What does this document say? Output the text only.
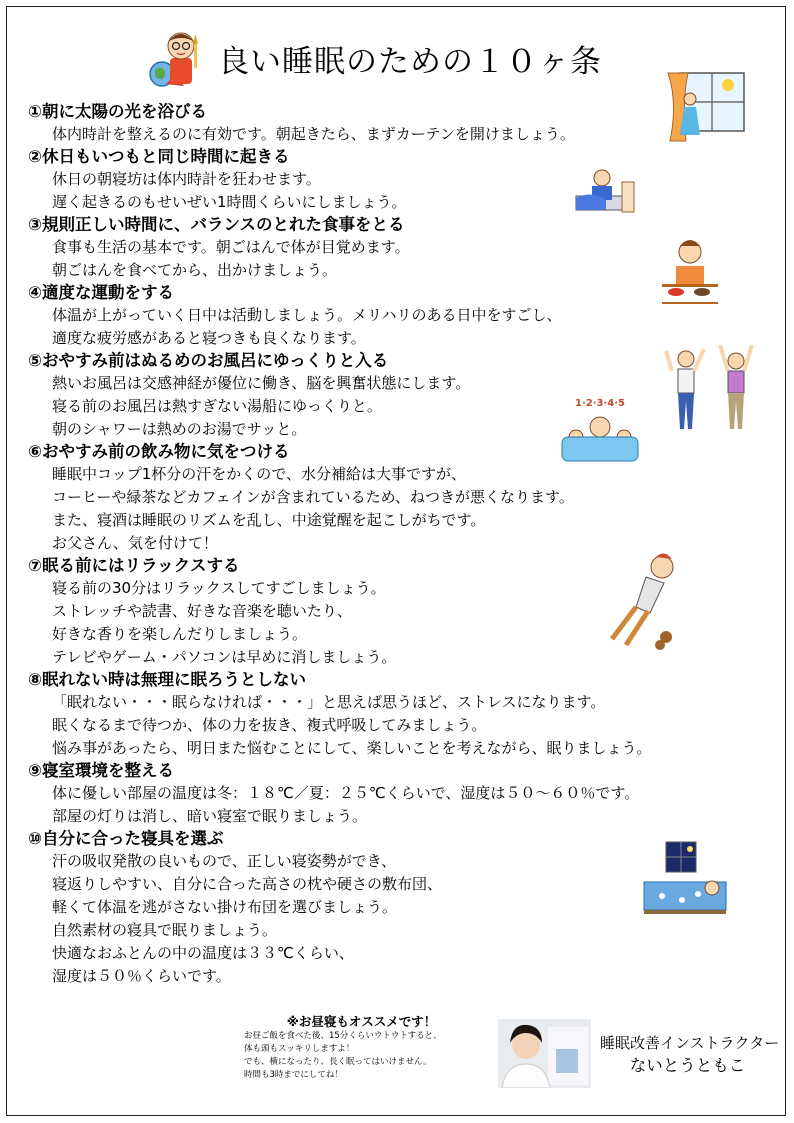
良い睡眠のための１０ヶ条
1·2·3·4·5
①朝に太陽の光を浴びる
体内時計を整えるのに有効です。朝起きたら、まずカーテンを開けましょう。
②休日もいつもと同じ時間に起きる
休日の朝寝坊は体内時計を狂わせます。
遅く起きるのもせいぜい1時間くらいにしましょう。
③規則正しい時間に、バランスのとれた食事をとる
食事も生活の基本です。朝ごはんで体が目覚めます。
朝ごはんを食べてから、出かけましょう。
④適度な運動をする
体温が上がっていく日中は活動しましょう。メリハリのある日中をすごし、
適度な疲労感があると寝つきも良くなります。
⑤おやすみ前はぬるめのお風呂にゆっくりと入る
熱いお風呂は交感神経が優位に働き、脳を興奮状態にします。
寝る前のお風呂は熱すぎない湯船にゆっくりと。
朝のシャワーは熱めのお湯でサッと。
⑥おやすみ前の飲み物に気をつける
睡眠中コップ1杯分の汗をかくので、水分補給は大事ですが、
コーヒーや緑茶などカフェインが含まれているため、ねつきが悪くなります。
また、寝酒は睡眠のリズムを乱し、中途覚醒を起こしがちです。
お父さん、気を付けて！
⑦眠る前にはリラックスする
寝る前の30分はリラックスしてすごしましょう。
ストレッチや読書、好きな音楽を聴いたり、
好きな香りを楽しんだりしましょう。
テレビやゲーム・パソコンは早めに消しましょう。
⑧眠れない時は無理に眠ろうとしない
「眠れない・・・眠らなければ・・・」と思えば思うほど、ストレスになります。
眠くなるまで待つか、体の力を抜き、複式呼吸してみましょう。
悩み事があったら、明日また悩むことにして、楽しいことを考えながら、眠りましょう。
⑨寝室環境を整える
体に優しい部屋の温度は冬：１８℃／夏：２５℃くらいで、湿度は５０～６０％です。
部屋の灯りは消し、暗い寝室で眠りましょう。
⑩自分に合った寝具を選ぶ
汗の吸収発散の良いもので、正しい寝姿勢ができ、
寝返りしやすい、自分に合った高さの枕や硬さの敷布団、
軽くて体温を逃がさない掛け布団を選びましょう。
自然素材の寝具で眠りましょう。
快適なおふとんの中の温度は３３℃くらい、
湿度は５０％くらいです。
※お昼寝もオススメです！
お昼ご飯を食べた後、15分くらいウトウトすると、
体も頭もスッキリしますよ！
でも、横になったり、長く眠ってはいけません。
時間も3時までにしてね！
睡眠改善インストラクター
ないとうともこ
